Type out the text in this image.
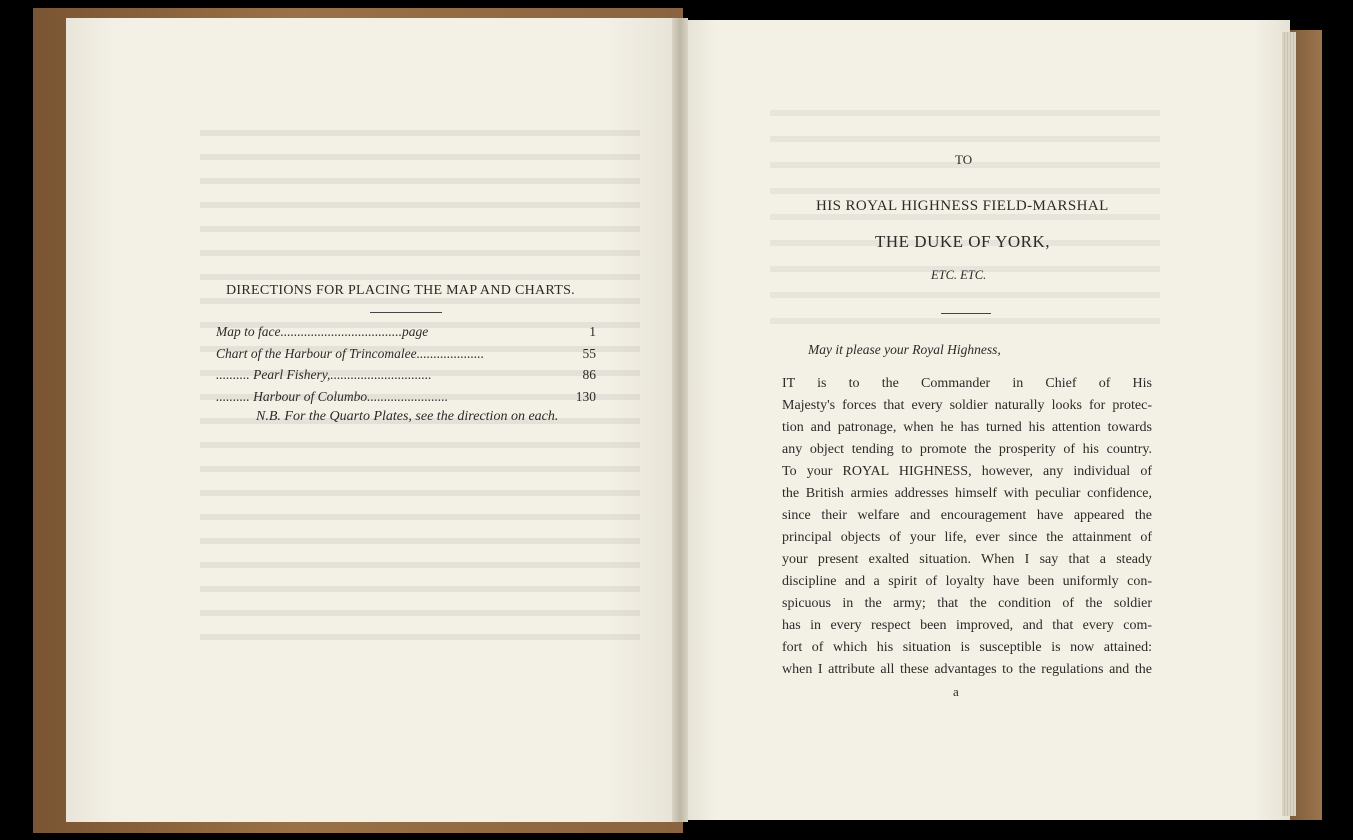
DIRECTIONS FOR PLACING THE MAP AND CHARTS.
Map to face ....................................page	1
Chart of the Harbour of Trincomalee ....................	55
.......... Pearl Fishery, ..............................	86
.......... Harbour of Columbo ........................	130
N.B. For the Quarto Plates, see the direction on each.
TO
HIS ROYAL HIGHNESS FIELD-MARSHAL
THE DUKE OF YORK,
ETC. ETC.
May it please your Royal Highness,
IT is to the Commander in Chief of His
Majesty's forces that every soldier naturally looks for protec-
tion and patronage, when he has turned his attention towards
any object tending to promote the prosperity of his country.
To your ROYAL HIGHNESS, however, any individual of
the British armies addresses himself with peculiar confidence,
since their welfare and encouragement have appeared the
principal objects of your life, ever since the attainment of
your present exalted situation. When I say that a steady
discipline and a spirit of loyalty have been uniformly con-
spicuous in the army; that the condition of the soldier
has in every respect been improved, and that every com-
fort of which his situation is susceptible is now attained:
when I attribute all these advantages to the regulations and the
a
